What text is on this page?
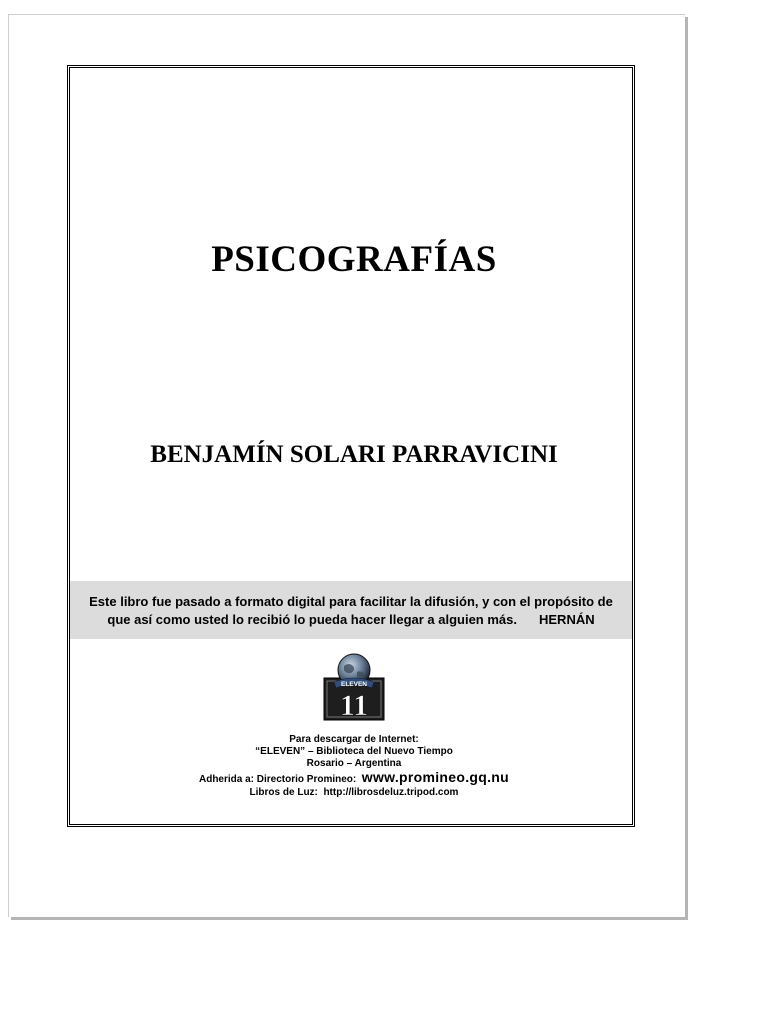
PSICOGRAFÍAS
BENJAMÍN SOLARI PARRAVICINI
Este libro fue pasado a formato digital para facilitar la difusión, y con el propósito de
que así como usted lo recibió lo pueda hacer llegar a alguien más. HERNÁN
ELEVEN
11
Para descargar de Internet:
“ELEVEN” – Biblioteca del Nuevo Tiempo
Rosario – Argentina
Adherida a: Directorio Promineo: www.promineo.gq.nu
Libros de Luz: http://librosdeluz.tripod.com
